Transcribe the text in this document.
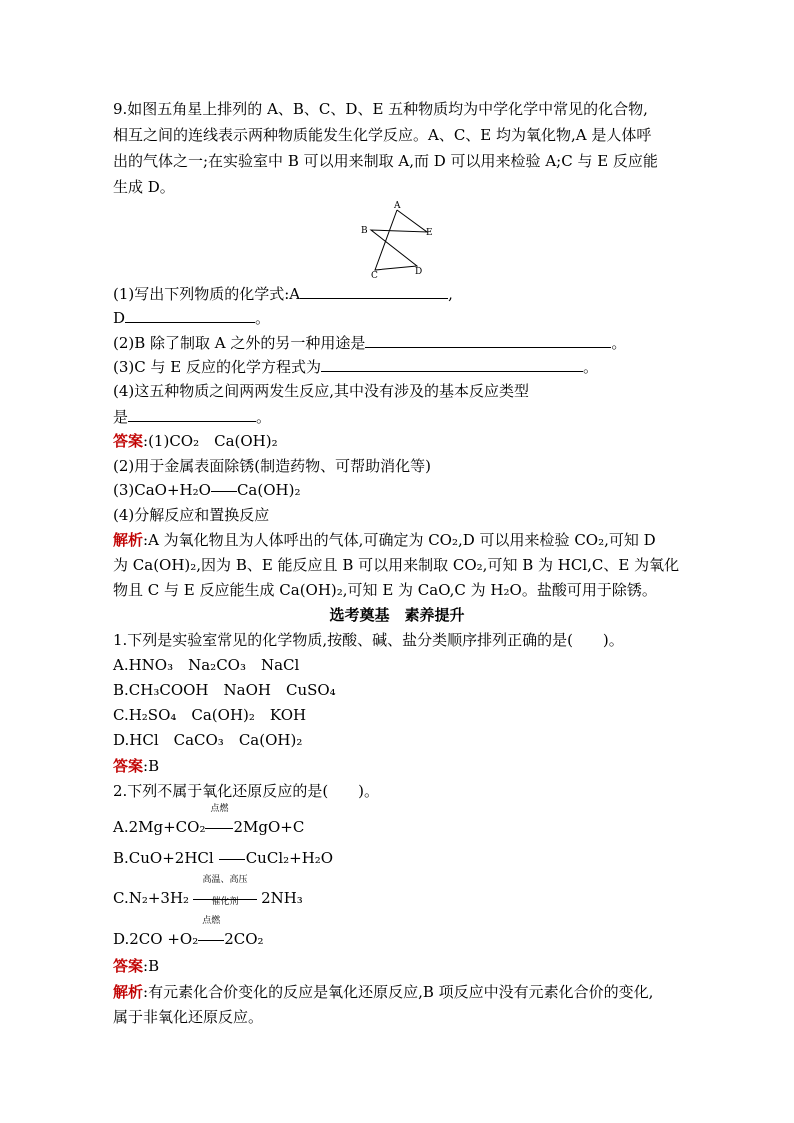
9.如图五角星上排列的 A、B、C、D、E 五种物质均为中学化学中常见的化合物,
相互之间的连线表示两种物质能发生化学反应。A、C、E 均为氧化物,A 是人体呼
出的气体之一;在实验室中 B 可以用来制取 A,而 D 可以用来检验 A;C 与 E 反应能
生成 D。
A
B	E
C	D
(1)写出下列物质的化学式:A	,
D	。
(2)B 除了制取 A 之外的另一种用途是	。
(3)C 与 E 反应的化学方程式为	。
(4)这五种物质之间两两发生反应,其中没有涉及的基本反应类型
是	。
答案:(1)CO₂　Ca(OH)₂
(2)用于金属表面除锈(制造药物、可帮助消化等)
(3)CaO+H₂O Ca(OH)₂
(4)分解反应和置换反应
解析:A 为氧化物且为人体呼出的气体,可确定为 CO₂,D 可以用来检验 CO₂,可知 D
为 Ca(OH)₂,因为 B、E 能反应且 B 可以用来制取 CO₂,可知 B 为 HCl,C、E 为氧化
物且 C 与 E 反应能生成 Ca(OH)₂,可知 E 为 CaO,C 为 H₂O。盐酸可用于除锈。
选考奠基　素养提升
1.下列是实验室常见的化学物质,按酸、碱、盐分类顺序排列正确的是(　　)。
A.HNO₃　Na₂CO₃　NaCl
B.CH₃COOH　NaOH　CuSO₄
C.H₂SO₄　Ca(OH)₂　KOH
D.HCl　CaCO₃　Ca(OH)₂
答案:B
2.下列不属于氧化还原反应的是(　　)。
A.2Mg+CO₂
点燃
2MgO+C
B.CuO+2HCl CuCl₂+H₂O
C.N₂+3H₂
高温、高压
催化剂	2NH₃
D.2CO +O₂
点燃
2CO₂
答案:B
解析:有元素化合价变化的反应是氧化还原反应,B 项反应中没有元素化合价的变化,
属于非氧化还原反应。
